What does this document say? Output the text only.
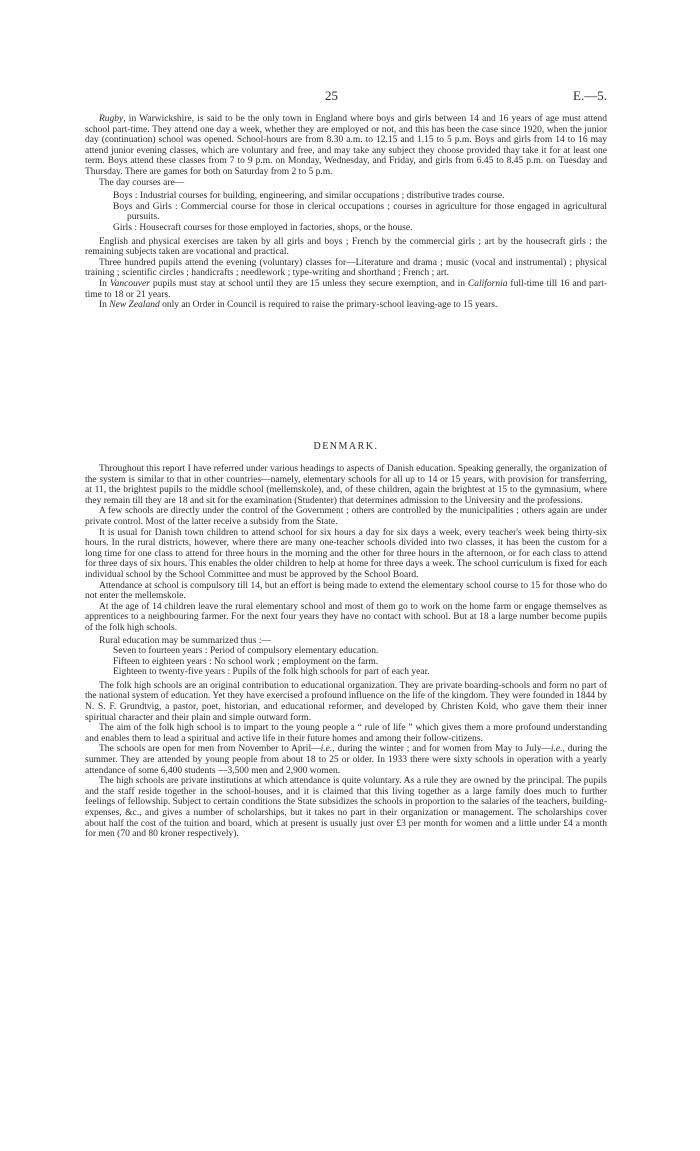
25	E.—5.

Rugby, in Warwickshire, is said to be the only town in England where boys and girls between 14 and 16 years of age must attend school part-time. They attend one day a week, whether they are employed or not, and this has been the case since 1920, when the junior day (continuation) school was opened. School-hours are from 8.30 a.m. to 12.15 and 1.15 to 5 p.m. Boys and girls from 14 to 16 may attend junior evening classes, which are voluntary and free, and may take any subject they choose provided thay take it for at least one term. Boys attend these classes from 7 to 9 p.m. on Monday, Wednesday, and Friday, and girls from 6.45 to 8.45 p.m. on Tuesday and Thursday. There are games for both on Saturday from 2 to 5 p.m.

The day courses are—

Boys : Industrial courses for building, engineering, and similar occupations ; distributive trades course.
Boys and Girls : Commercial course for those in clerical occupations ; courses in agriculture for those engaged in agricultural pursuits.
Girls : Housecraft courses for those employed in factories, shops, or the house.

English and physical exercises are taken by all girls and boys ; French by the commercial girls ; art by the housecraft girls ; the remaining subjects taken are vocational and practical.

Three hundred pupils attend the evening (voluntary) classes for—Literature and drama ; music (vocal and instrumental) ; physical training ; scientific circles ; handicrafts ; needlework ; type-writing and shorthand ; French ; art.

In Vancouver pupils must stay at school until they are 15 unless they secure exemption, and in California full-time till 16 and part-time to 18 or 21 years.

In New Zealand only an Order in Council is required to raise the primary-school leaving-age to 15 years.

DENMARK.

Throughout this report I have referred under various headings to aspects of Danish education. Speaking generally, the organization of the system is similar to that in other countries—namely, elementary schools for all up to 14 or 15 years, with provision for transferring, at 11, the brightest pupils to the middle school (mellemskole), and, of these children, again the brightest at 15 to the gymnasium, where they remain till they are 18 and sit for the examination (Studenter) that determines admission to the University and the professions.

A few schools are directly under the control of the Government ; others are controlled by the municipalities ; others again are under private control. Most of the latter receive a subsidy from the State.

It is usual for Danish town children to attend school for six hours a day for six days a week, every teacher's week being thirty-six hours. In the rural districts, however, where there are many one-teacher schools divided into two classes, it has been the custom for a long time for one class to attend for three hours in the morning and the other for three hours in the afternoon, or for each class to attend for three days of six hours. This enables the older children to help at home for three days a week. The school curriculum is fixed for each individual school by the School Committee and must be approved by the School Board.

Attendance at school is compulsory till 14, but an effort is being made to extend the elementary school course to 15 for those who do not enter the mellemskole.

At the age of 14 children leave the rural elementary school and most of them go to work on the home farm or engage themselves as apprentices to a neighbouring farmer. For the next four years they have no contact with school. But at 18 a large number become pupils of the folk high schools.

Rural education may be summarized thus :—

Seven to fourteen years : Period of compulsory elementary education.
Fifteen to eighteen years : No school work ; employment on the farm.
Eighteen to twenty-five years : Pupils of the folk high schools for part of each year.

The folk high schools are an original contribution to educational organization. They are private boarding-schools and form no part of the national system of education. Yet they have exercised a profound influence on the life of the kingdom. They were founded in 1844 by N. S. F. Grundtvig, a pastor, poet, historian, and educational reformer, and developed by Christen Kold, who gave them their inner spiritual character and their plain and simple outward form.

The aim of the folk high school is to impart to the young people a “ rule of life ” which gives them a more profound understanding and enables them to lead a spiritual and active life in their future homes and among their follow-citizens.

The schools are open for men from November to April—i.e., during the winter ; and for women from May to July—i.e., during the summer. They are attended by young people from about 18 to 25 or older. In 1933 there were sixty schools in operation with a yearly attendance of some 6,400 students —3,500 men and 2,900 women.

The high schools are private institutions at which attendance is quite voluntary. As a rule they are owned by the principal. The pupils and the staff reside together in the school-houses, and it is claimed that this living together as a large family does much to further feelings of fellowship. Subject to certain conditions the State subsidizes the schools in proportion to the salaries of the teachers, building-expenses, &c., and gives a number of scholarships, but it takes no part in their organization or management. The scholarships cover about half the cost of the tuition and board, which at present is usually just over £3 per month for women and a little under £4 a month for men (70 and 80 kroner respectively).
